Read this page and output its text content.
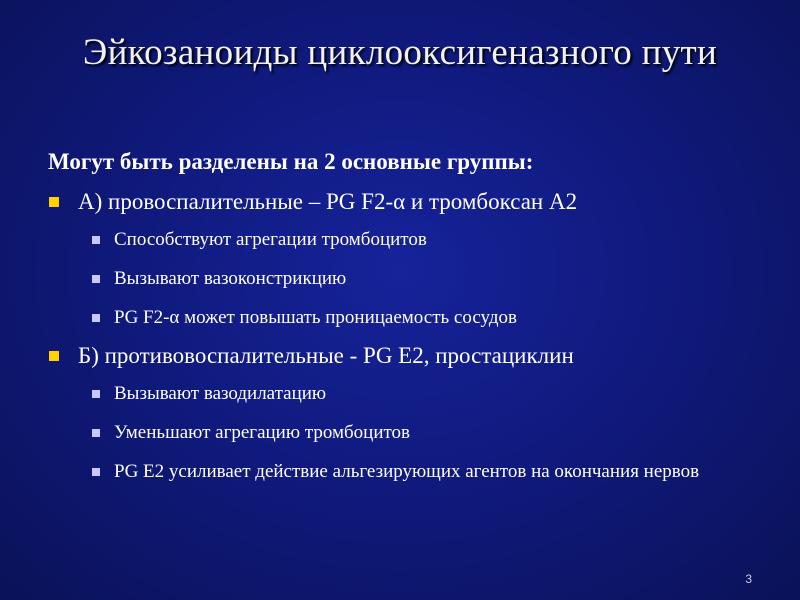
Эйкозаноиды циклооксигеназного пути
Могут быть разделены на 2 основные группы:
А) провоспалительные – PG F2-α и тромбоксан А2
Способствуют агрегации тромбоцитов
Вызывают вазоконстрикцию
PG F2-α может повышать проницаемость сосудов
Б) противовоспалительные - PG E2, простациклин
Вызывают вазодилатацию
Уменьшают агрегацию тромбоцитов
PG E2 усиливает действие альгезирующих агентов на окончания нервов
3
